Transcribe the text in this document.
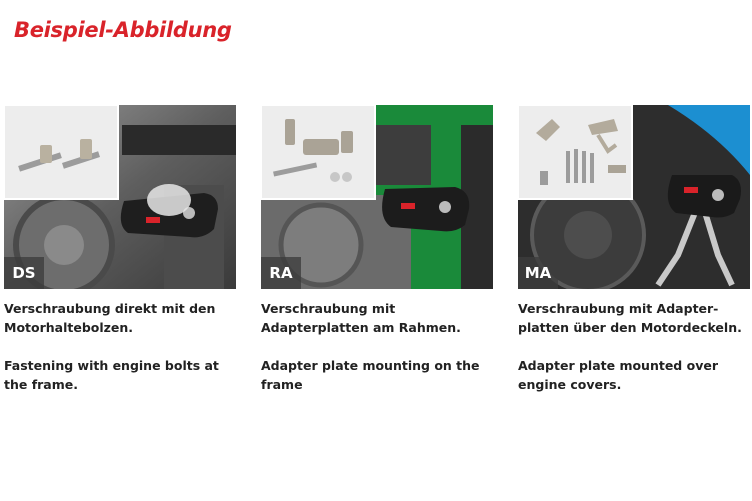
Beispiel-Abbildung
DS

Verschraubung direkt mit den

Motorhaltebolzen.

Fastening with engine bolts at

the frame.

RA

Verschraubung mit

Adapterplatten am Rahmen.

Adapter plate mounting on the

frame

MA

Verschraubung mit Adapter-

platten über den Motordeckeln.

Adapter plate mounted over

engine covers.
